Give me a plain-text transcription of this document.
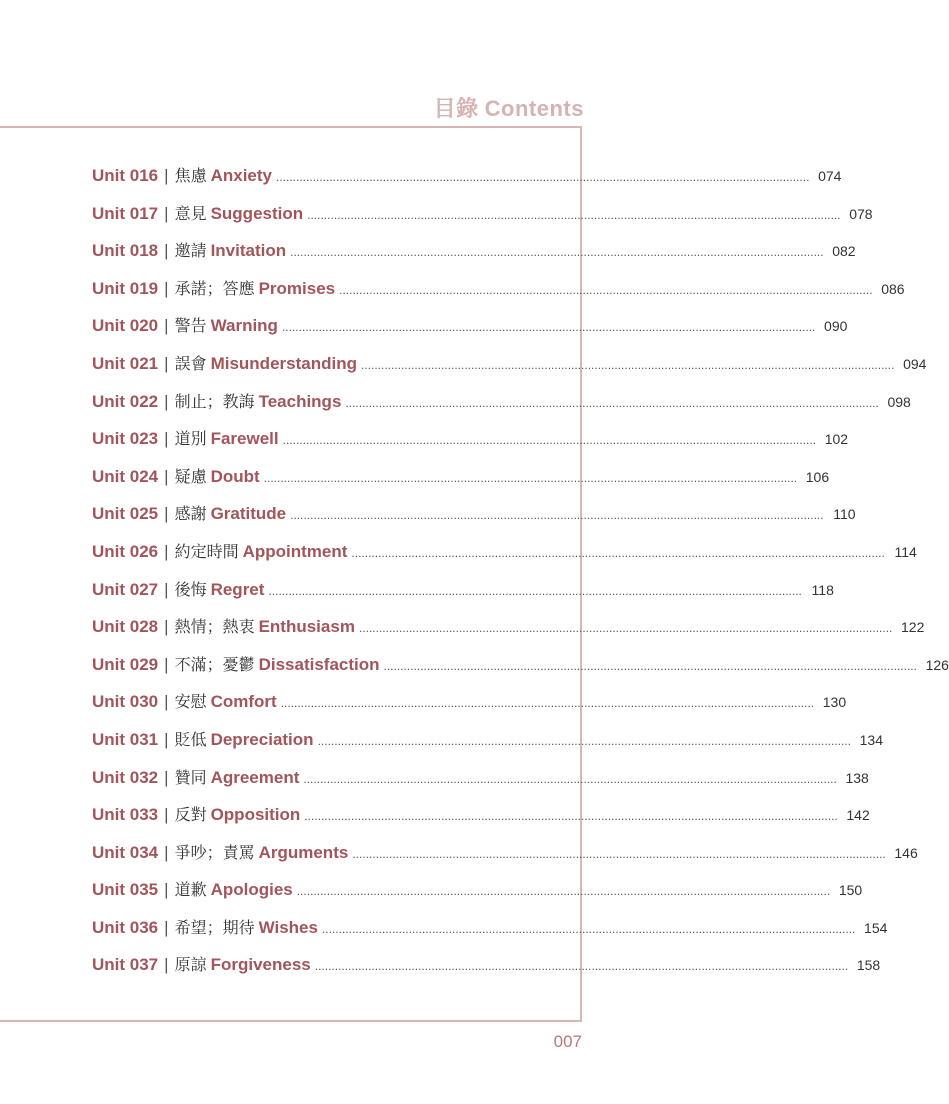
目錄 Contents
Unit 016 | 焦慮 Anxiety ................................................................................................................................................................ 074
Unit 017 | 意見 Suggestion ................................................................................................................................................................ 078
Unit 018 | 邀請 Invitation ................................................................................................................................................................ 082
Unit 019 | 承諾；答應 Promises ................................................................................................................................................................ 086
Unit 020 | 警告 Warning ................................................................................................................................................................ 090
Unit 021 | 誤會 Misunderstanding ................................................................................................................................................................ 094
Unit 022 | 制止；教誨 Teachings ................................................................................................................................................................ 098
Unit 023 | 道別 Farewell ................................................................................................................................................................ 102
Unit 024 | 疑慮 Doubt ................................................................................................................................................................ 106
Unit 025 | 感謝 Gratitude ................................................................................................................................................................ 110
Unit 026 | 約定時間 Appointment ................................................................................................................................................................ 114
Unit 027 | 後悔 Regret ................................................................................................................................................................ 118
Unit 028 | 熱情；熱衷 Enthusiasm ................................................................................................................................................................ 122
Unit 029 | 不滿；憂鬱 Dissatisfaction ................................................................................................................................................................ 126
Unit 030 | 安慰 Comfort ................................................................................................................................................................ 130
Unit 031 | 貶低 Depreciation ................................................................................................................................................................ 134
Unit 032 | 贊同 Agreement ................................................................................................................................................................ 138
Unit 033 | 反對 Opposition ................................................................................................................................................................ 142
Unit 034 | 爭吵；責罵 Arguments ................................................................................................................................................................ 146
Unit 035 | 道歉 Apologies ................................................................................................................................................................ 150
Unit 036 | 希望；期待 Wishes ................................................................................................................................................................ 154
Unit 037 | 原諒 Forgiveness ................................................................................................................................................................ 158
007
